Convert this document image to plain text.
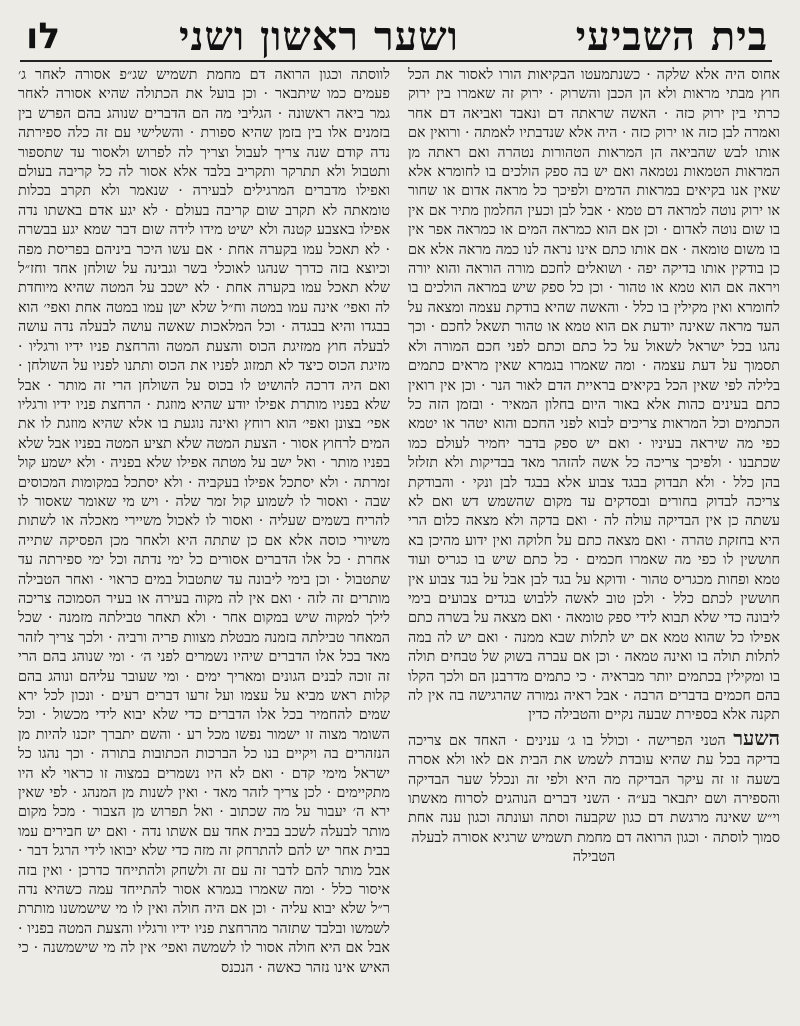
בית השביעי
ושער ראשון ושני
לו

אחוס היה אלא שלקה · כשנתמעטו הבקיאות הורו לאסור את הכל חוץ מבתי מראות ולא הן הכבן והשרוק · ירוק זה שאמרו בין ירוק כרתי בין ירוק כזה · האשה שראתה דם ונאבד ואביאה דם אחר ואמרה לבן כזה או ירוק כזה · היה אלא שנדבתיו לאמתה · ורואין אם אותו לבש שהביאה הן המראות הטהורות נטהרה ואם ראתה מן המראות הטמאות נטמאה ואם יש בה ספק הולכים בו לחומרא אלא שאין אנו בקיאים במראות הדמים ולפיכך כל מראה אדום או שחור או ירוק נוטה למראה דם טמא · אבל לבן וכעין החלמון מתיר אם אין בו שום נוטה לאדום · וכן אם הוא כמראה המים או כמראה אפר אין בו משום טומאה · אם אותו כתם אינו נראה לנו כמה מראה אלא אם כן בודקין אותו בדיקה יפה · ושואלים לחכם מורה הוראה והוא יורה ויראה אם הוא טמא או טהור · וכן כל ספק שיש במראה הולכים בו לחומרא ואין מקילין בו כלל · והאשה שהיא בודקת עצמה ומצאה על העד מראה שאינה יודעת אם הוא טמא או טהור תשאל לחכם · וכך נהגו בכל ישראל לשאול על כל כתם וכתם לפני חכם המורה ולא תסמוך על דעת עצמה · ומה שאמרו בגמרא שאין מראים כתמים בלילה לפי שאין הכל בקיאים בראיית הדם לאור הנר · וכן אין רואין כתם בעינים כהות אלא באור היום בחלון המאיר · ובזמן הזה כל הכתמים וכל המראות צריכים לבוא לפני החכם והוא יטהר או יטמא כפי מה שיראה בעיניו · ואם יש ספק בדבר יחמיר לעולם כמו שכתבנו · ולפיכך צריכה כל אשה להזהר מאד בבדיקות ולא תזלזל בהן כלל · ולא תבדוק בבגד צבוע אלא בבגד לבן ונקי · והבודקת צריכה לבדוק בחורים ובסדקים עד מקום שהשמש דש ואם לא עשתה כן אין הבדיקה עולה לה · ואם בדקה ולא מצאה כלום הרי היא בחזקת טהרה · ואם מצאה כתם על חלוקה ואין ידוע מהיכן בא חוששין לו כפי מה שאמרו חכמים · כל כתם שיש בו כגריס ועוד טמא ופחות מכגריס טהור · ודוקא על בגד לבן אבל על בגד צבוע אין חוששין לכתם כלל · ולכן טוב לאשה ללבוש בגדים צבועים בימי ליבונה כדי שלא תבוא לידי ספק טומאה · ואם מצאה על בשרה כתם אפילו כל שהוא טמא אם יש לתלות שבא ממנה · ואם יש לה במה לתלות תולה בו ואינה טמאה · וכן אם עברה בשוק של טבחים תולה בו ומקילין בכתמים יותר מבראיה · כי כתמים מדרבנן הם ולכך הקלו בהם חכמים בדברים הרבה · אבל ראיה גמורה שהרגישה בה אין לה תקנה אלא בספירת שבעה נקיים והטבילה כדין

השער הטני הפרישה · וכולל בו ג׳ ענינים · האחד אם צריכה בדיקה בכל עת שהיא עובדת לשמש את הבית אם לאו ולא אסרה בשעה זו זה עיקר הבדיקה מה היא ולפי זה ונכלל שער הבדיקה והספירה ושם יתבאר בע״ה · השני דברים הנוהגים לסרוח מאשתו וי״ש שאינה מרגשת דם כגון שקבעה וסתה ועונתה וכגון ענה אחת סמוך לוסתה · וכגון הרואה דם מחמת תשמיש שרגיא אסורה לבעלה

הטבילה

לווסתה וכגון הרואה דם מחמת תשמיש שג״פ אסורה לאחר ג׳ פעמים כמו שיתבאר · וכן בועל את הכתולה שהיא אסורה לאחר גמר ביאה ראשונה · הגליבי מה הם הדברים שנוהג בהם הפרש בין בזמנים אלו בין בזמן שהיא ספורת · והשלישי עם זה כלה ספירתה נדה קודם שנה צריך לעבול וצריך לה לפרוש ולאסור עד שתספור ותטבול ולא תתרקר ותקריב בלבד אלא אסור לה כל קריבה בעולם ואפילו מדברים המרגילים לבעירה · שנאמר ולא תקרב בכלות טומאתה לא תקרב שום קריבה בעולם · לא יגע אדם באשתו נדה אפילו באצבע קטנה ולא ישיט מידו לידה שום דבר שמא יגע בבשרה · לא תאכל עמו בקערה אחת · אם עשו היכר ביניהם בפריסת מפה וכיוצא בזה כדרך שנהגו לאוכלי בשר וגבינה על שולחן אחד וחז״ל שלא תאכל עמו בקערה אחת · לא ישכב על המטה שהיא מיוחדת לה ואפי׳ אינה עמו במטה וח״ל שלא ישן עמו במטה אחת ואפי׳ הוא בבגדו והיא בבגדה · וכל המלאכות שאשה עושה לבעלה נדה עושה לבעלה חוץ ממזיגת הכוס והצעת המטה והרחצת פניו ידיו ורגליו · מזיגת הכוס כיצד לא תמזוג לפניו את הכוס ותתנו לפניו על השולחן · ואם היה דרכה להושיט לו בכוס על השולחן הרי זה מותר · אבל שלא בפניו מותרת אפילו יודע שהיא מוזגת · הרחצת פניו ידיו ורגליו אפי׳ בצונן ואפי׳ הוא רוחץ ואינה נוגעת בו אלא שהיא מוזגת לו את המים לרחוץ אסור · הצעת המטה שלא תציע המטה בפניו אבל שלא בפניו מותר · ואל ישב על מטתה אפילו שלא בפניה · ולא ישמע קול זמרתה · ולא יסתכל אפילו בעקביה · ולא יסתכל במקומות המכוסים שבה · ואסור לו לשמוע קול זמר שלה · ויש מי שאומר שאסור לו להריח בשמים שעליה · ואסור לו לאכול משיירי מאכלה או לשתות משיורי כוסה אלא אם כן שתתה היא ולאחר מכן הפסיקה שתייה אחרת · כל אלו הדברים אסורים כל ימי נדתה וכל ימי ספירתה עד שתטבול · וכן בימי ליבונה עד שתטבול במים כראוי · ואחר הטבילה מותרים זה לזה · ואם אין לה מקוה בעירה או בעיר הסמוכה צריכה לילך למקוה שיש במקום אחר · ולא תאחר טבילתה מזמנה · שכל המאחר טבילתה בזמנה מבטלת מצוות פריה ורביה · ולכך צריך לזהר מאד בכל אלו הדברים שיהיו נשמרים לפני ה׳ · ומי שנוהג בהם הרי זה זוכה לבנים הגונים ומאריך ימים · ומי שעובר עליהם ונוהג בהם קלות ראש מביא על עצמו ועל זרעו דברים רעים · ונכון לכל ירא שמים להחמיר בכל אלו הדברים כדי שלא יבוא לידי מכשול · וכל השומר מצוה זו ישמור נפשו מכל רע · והשם יתברך יזכנו להיות מן הנזהרים בה ויקיים בנו כל הברכות הכתובות בתורה · וכך נהגו כל ישראל מימי קדם · ואם לא היו נשמרים במצוה זו כראוי לא היו מתקיימים · לכן צריך לזהר מאד · ואין לשנות מן המנהג · לפי שאין ירא ה׳ יעבור על מה שכתוב · ואל תפרוש מן הצבור · מכל מקום מותר לבעלה לשכב בבית אחד עם אשתו נדה · ואם יש חבירים עמו בבית אחר יש להם להתרחק זה מזה כדי שלא יבואו לידי הרגל דבר · אבל מותר להם לדבר זה עם זה ולשחק ולהתייחד כדרכן · ואין בזה איסור כלל · ומה שאמרו בגמרא אסור להתייחד עמה כשהיא נדה ר״ל שלא יבוא עליה · וכן אם היה חולה ואין לו מי שישמשנו מותרת לשמשו ובלבד שתזהר מהרחצת פניו ידיו ורגליו והצעת המטה בפניו · אבל אם היא חולה אסור לו לשמשה ואפי׳ אין לה מי שישמשנה · כי האיש אינו נזהר כאשה · הנכנס
